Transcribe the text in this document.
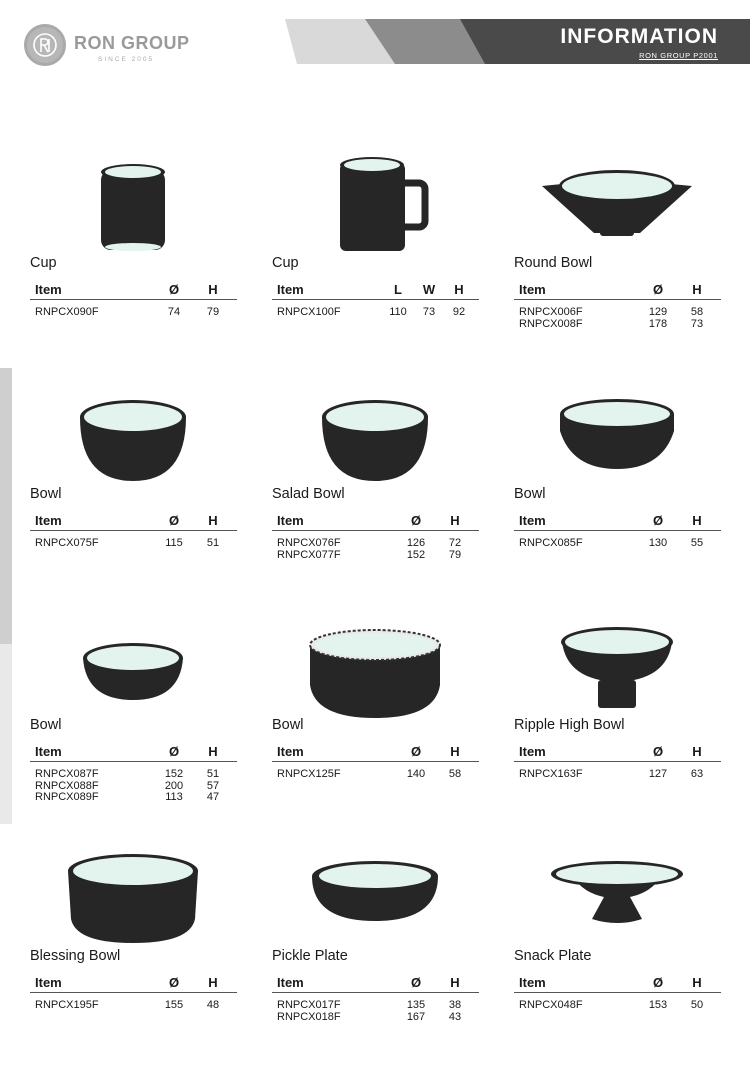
RON GROUP
SINCE 2005
INFORMATION
RON GROUP P2001
Cup
Item	Ø	H
RNPCX090F	74	79
Cup
Item	L	W	H
RNPCX100F	110	73	92
Round Bowl
Item	Ø	H
RNPCX006F	129	58
RNPCX008F	178	73
Bowl
Item	Ø	H
RNPCX075F	115	51
Salad Bowl
Item	Ø	H
RNPCX076F	126	72
RNPCX077F	152	79
Bowl
Item	Ø	H
RNPCX085F	130	55
Bowl
Item	Ø	H
RNPCX087F	152	51
RNPCX088F	200	57
RNPCX089F	113	47
Bowl
Item	Ø	H
RNPCX125F	140	58
Ripple High Bowl
Item	Ø	H
RNPCX163F	127	63
Blessing Bowl
Item	Ø	H
RNPCX195F	155	48
Pickle Plate
Item	Ø	H
RNPCX017F	135	38
RNPCX018F	167	43
Snack Plate
Item	Ø	H
RNPCX048F	153	50
